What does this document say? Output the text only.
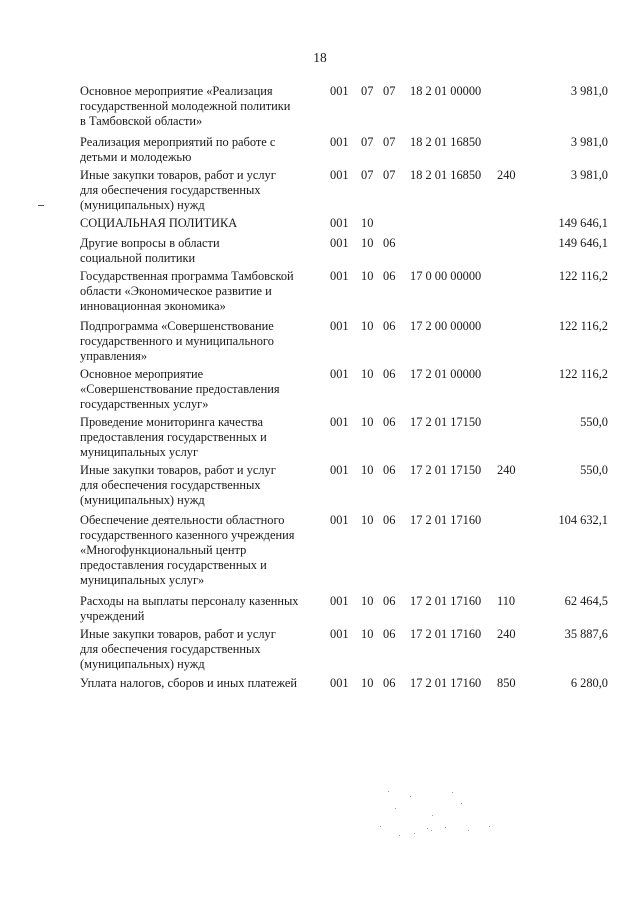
18
Основное мероприятие «Реализация
государственной молодежной политики
в Тамбовской области»
001 07 07 18 2 01 00000	3 981,0
Реализация мероприятий по работе с
детьми и молодежью
001 07 07 18 2 01 16850	3 981,0
Иные закупки товаров, работ и услуг
для обеспечения государственных
(муниципальных) нужд
001 07 07 18 2 01 16850 240	3 981,0
СОЦИАЛЬНАЯ ПОЛИТИКА	001 10	149 646,1
Другие вопросы в области
социальной политики
001 10 06	149 646,1
Государственная программа Тамбовской
области «Экономическое развитие и
инновационная экономика»
001 10 06 17 0 00 00000	122 116,2
Подпрограмма «Совершенствование
государственного и муниципального
управления»
001 10 06 17 2 00 00000	122 116,2
Основное мероприятие
«Совершенствование предоставления
государственных услуг»
001 10 06 17 2 01 00000	122 116,2
Проведение мониторинга качества
предоставления государственных и
муниципальных услуг
001 10 06 17 2 01 17150	550,0
Иные закупки товаров, работ и услуг
для обеспечения государственных
(муниципальных) нужд
001 10 06 17 2 01 17150 240	550,0
Обеспечение деятельности областного
государственного казенного учреждения
«Многофункциональный центр
предоставления государственных и
муниципальных услуг»
001 10 06 17 2 01 17160	104 632,1
Расходы на выплаты персоналу казенных
учреждений
001 10 06 17 2 01 17160 110	62 464,5
Иные закупки товаров, работ и услуг
для обеспечения государственных
(муниципальных) нужд
001 10 06 17 2 01 17160 240	35 887,6
Уплата налогов, сборов и иных платежей	001 10 06 17 2 01 17160 850	6 280,0
